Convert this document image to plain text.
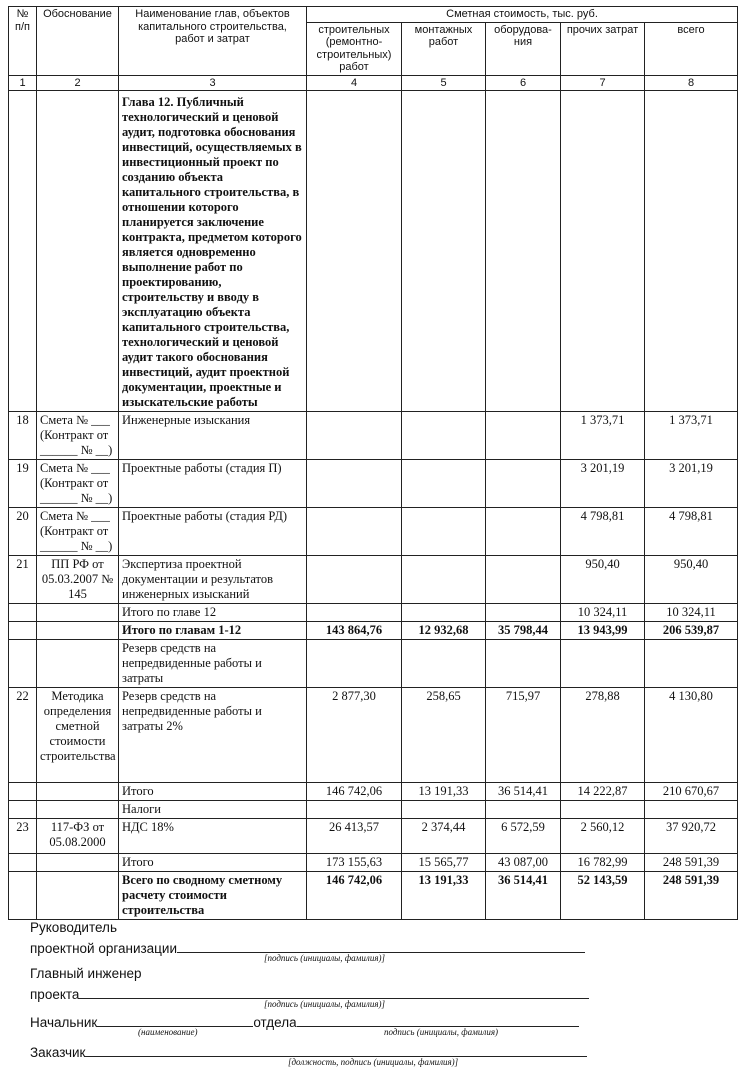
№ п/п	Обоснование	Наименование глав, объектов капитального строительства, работ и затрат	Сметная стоимость, тыс. руб.				
			строительных (ремонтно-строительных) работ	монтажных работ	оборудова-ния	прочих затрат	всего
1	2	3	4	5	6	7	8
		Глава 12. Публичный технологический и ценовой аудит, подготовка обоснования инвестиций, осуществляемых в инвестиционный проект по созданию объекта капитального строительства, в отношении которого планируется заключение контракта, предметом которого является одновременно выполнение работ по проектированию, строительству и вводу в эксплуатацию объекта капитального строительства, технологический и ценовой аудит такого обоснования инвестиций, аудит проектной документации, проектные и изыскательские работы					
18	Смета № ___ (Контракт от ______ № __)	Инженерные изыскания				1 373,71	1 373,71
19	Смета № ___ (Контракт от ______ № __)	Проектные работы (стадия П)				3 201,19	3 201,19
20	Смета № ___ (Контракт от ______ № __)	Проектные работы (стадия РД)				4 798,81	4 798,81
21	ПП РФ от 05.03.2007 № 145	Экспертиза проектной документации и результатов инженерных изысканий				950,40	950,40
		Итого по главе 12				10 324,11	10 324,11
		Итого по главам 1-12	143 864,76	12 932,68	35 798,44	13 943,99	206 539,87
		Резерв средств на непредвиденные работы и затраты					
22	Методика определения сметной стоимости строительства	Резерв средств на непредвиденные работы и затраты 2%	2 877,30	258,65	715,97	278,88	4 130,80
		Итого	146 742,06	13 191,33	36 514,41	14 222,87	210 670,67
		Налоги					
23	117-ФЗ от 05.08.2000	НДС 18%	26 413,57	2 374,44	6 572,59	2 560,12	37 920,72
		Итого	173 155,63	15 565,77	43 087,00	16 782,99	248 591,39
		Всего по сводному сметному расчету стоимости строительства	146 742,06	13 191,33	36 514,41	52 143,59	248 591,39
Руководитель
проектной организации
[подпись (инициалы, фамилия)]
Главный инженер
проекта
[подпись (инициалы, фамилия)]
Начальник	отдела
(наименование)	подпись (инициалы, фамилия)
Заказчик
[должность, подпись (инициалы, фамилия)]
